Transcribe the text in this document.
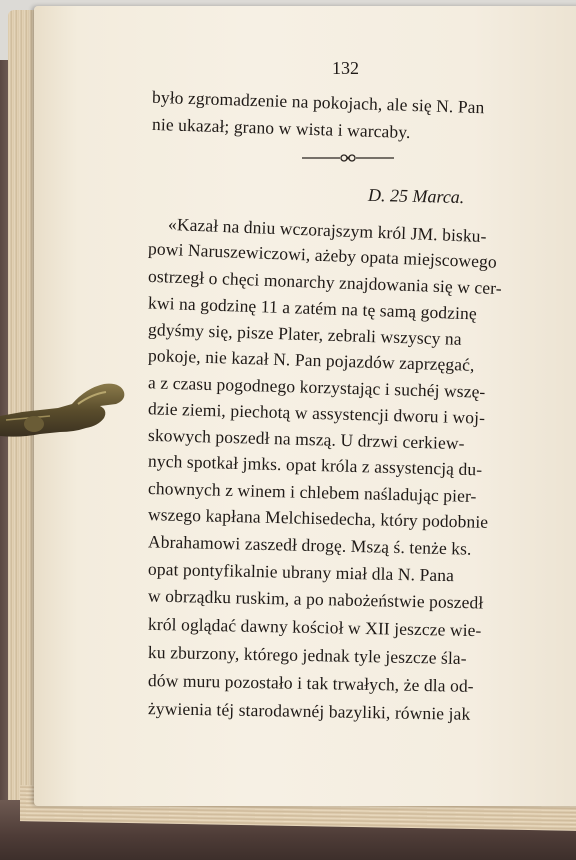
132
było zgromadzenie na pokojach, ale się N. Pan
nie ukazał; grano w wista i warcaby.
D. 25 Marca.
«Kazał na dniu wczorajszym król JM. bisku-
powi Naruszewiczowi, ażeby opata miejscowego
ostrzegł o chęci monarchy znajdowania się w cer-
kwi na godzinę 11 a zatém na tę samą godzinę
gdyśmy się, pisze Plater, zebrali wszyscy na
pokoje, nie kazał N. Pan pojazdów zaprzęgać,
a z czasu pogodnego korzystając i suchéj wszę-
dzie ziemi, piechotą w assystencji dworu i woj-
skowych poszedł na mszą. U drzwi cerkiew-
nych spotkał jmks. opat króla z assystencją du-
chownych z winem i chlebem naśladując pier-
wszego kapłana Melchisedecha, który podobnie
Abrahamowi zaszedł drogę. Mszą ś. tenże ks.
opat pontyfikalnie ubrany miał dla N. Pana
w obrządku ruskim, a po nabożeństwie poszedł
król oglądać dawny kościoł w XII jeszcze wie-
ku zburzony, którego jednak tyle jeszcze śla-
dów muru pozostało i tak trwałych, że dla od-
żywienia téj starodawnéj bazyliki, równie jak
